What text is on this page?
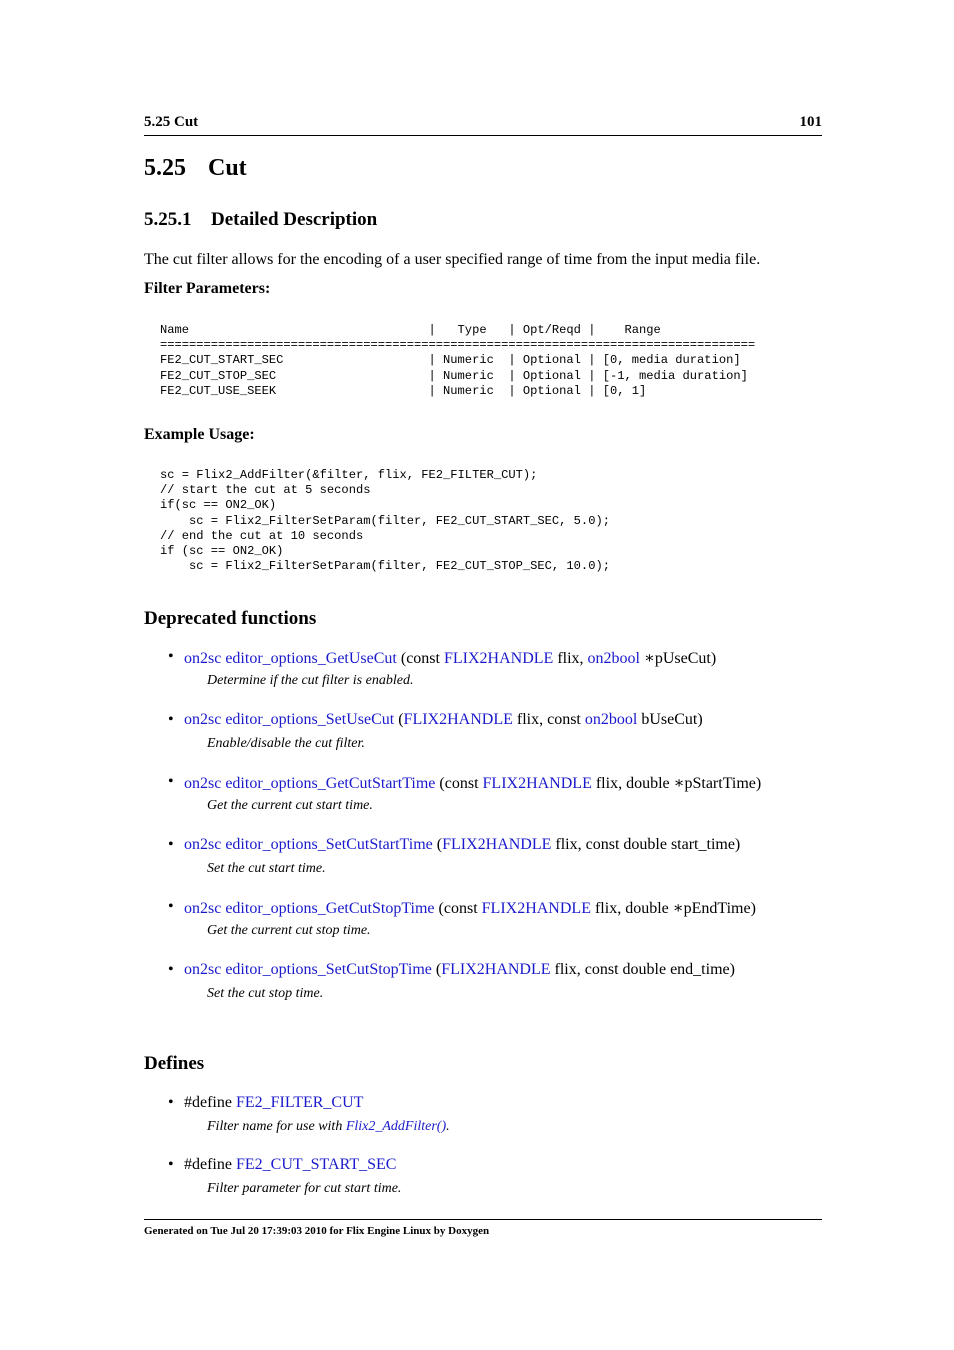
5.25 Cut	101
5.25 Cut
5.25.1 Detailed Description

The cut filter allows for the encoding of a user specified range of time from the input media file.

Filter Parameters:

Name                                 |   Type   | Opt/Reqd |    Range
==================================================================================
FE2_CUT_START_SEC                    | Numeric  | Optional | [0, media duration]
FE2_CUT_STOP_SEC                     | Numeric  | Optional | [-1, media duration]
FE2_CUT_USE_SEEK                     | Numeric  | Optional | [0, 1]

Example Usage:

sc = Flix2_AddFilter(&filter, flix, FE2_FILTER_CUT);
// start the cut at 5 seconds
if(sc == ON2_OK)
sc = Flix2_FilterSetParam(filter, FE2_CUT_START_SEC, 5.0);
// end the cut at 10 seconds
if (sc == ON2_OK)
sc = Flix2_FilterSetParam(filter, FE2_CUT_STOP_SEC, 10.0);
Deprecated functions
• on2sc editor_options_GetUseCut (const FLIX2HANDLE flix, on2bool ∗pUseCut)
Determine if the cut filter is enabled.
• on2sc editor_options_SetUseCut (FLIX2HANDLE flix, const on2bool bUseCut)
Enable/disable the cut filter.
• on2sc editor_options_GetCutStartTime (const FLIX2HANDLE flix, double ∗pStartTime)
Get the current cut start time.
• on2sc editor_options_SetCutStartTime (FLIX2HANDLE flix, const double start_time)
Set the cut start time.
• on2sc editor_options_GetCutStopTime (const FLIX2HANDLE flix, double ∗pEndTime)
Get the current cut stop time.
• on2sc editor_options_SetCutStopTime (FLIX2HANDLE flix, const double end_time)
Set the cut stop time.
Defines
• #define FE2_FILTER_CUT
Filter name for use with Flix2_AddFilter().
• #define FE2_CUT_START_SEC
Filter parameter for cut start time.
Generated on Tue Jul 20 17:39:03 2010 for Flix Engine Linux by Doxygen
